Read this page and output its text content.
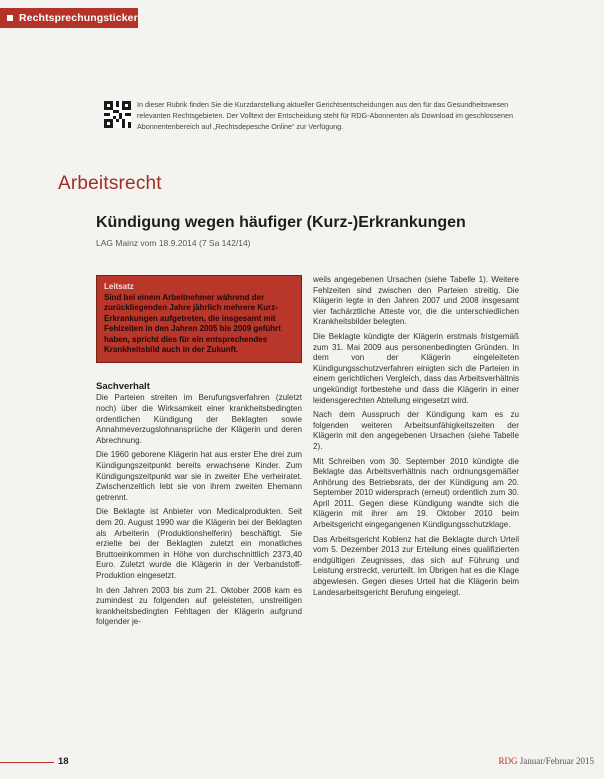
Rechtsprechungsticker
In dieser Rubrik finden Sie die Kurzdarstellung aktueller Gerichtsentscheidungen aus den für das Gesundheitswesen relevanten Rechtsgebieten. Der Volltext der Entscheidung steht für RDG-Abonnenten als Download im geschlossenen Abonnentenbereich auf „Rechtsdepesche Online“ zur Verfügung.
Arbeitsrecht
Kündigung wegen häufiger (Kurz-)Erkrankungen
LAG Mainz vom 18.9.2014 (7 Sa 142/14)
Leitsatz
Sind bei einem Arbeitnehmer während der zurückliegenden Jahre jährlich mehrere Kurz-Erkrankungen aufgetreten, die insgesamt mit Fehlzeiten in den Jahren 2005 bis 2009 geführt haben, spricht dies für ein entsprechendes Krankheitsbild auch in der Zukunft.
Sachverhalt

Die Parteien streiten im Berufungsverfahren (zuletzt noch) über die Wirksamkeit einer krankheitsbedingten ordentlichen Kündigung der Beklagten sowie Annahmeverzugslohnansprüche der Klägerin und deren Abrechnung.

Die 1960 geborene Klägerin hat aus erster Ehe drei zum Kündigungszeitpunkt bereits erwachsene Kinder. Zum Kündigungszeitpunkt war sie in zweiter Ehe verheiratet. Zwischenzeitlich lebt sie von ihrem zweiten Ehemann getrennt.

Die Beklagte ist Anbieter von Medicalprodukten. Seit dem 20. August 1990 war die Klägerin bei der Beklagten als Arbeiterin (Produktionshelferin) beschäftigt. Sie erzielte bei der Beklagten zuletzt ein monatliches Bruttoeinkommen in Höhe von durchschnittlich 2373,40 Euro. Zuletzt wurde die Klägerin in der Verbandstoff-Produktion eingesetzt.

In den Jahren 2003 bis zum 21. Oktober 2008 kam es zumindest zu folgenden auf geleisteten, unstreitigen krankheitsbedingten Fehltagen der Klägerin aufgrund folgender je-

weils angegebenen Ursachen (siehe Tabelle 1). Weitere Fehlzeiten sind zwischen den Parteien streitig. Die Klägerin legte in den Jahren 2007 und 2008 insgesamt vier fachärztliche Atteste vor, die die unterschiedlichen Krankheitsbilder belegten.

Die Beklagte kündigte der Klägerin erstmals fristgemäß zum 31. Mai 2009 aus personenbedingten Gründen. In dem von der Klägerin eingeleiteten Kündigungsschutzverfahren einigten sich die Parteien in einem gerichtlichen Vergleich, dass das Arbeitsverhältnis ungekündigt fortbestehe und dass die Klägerin in einer leidensgerechten Abteilung eingesetzt wird.

Nach dem Ausspruch der Kündigung kam es zu folgenden weiteren Arbeitsunfähigkeitszeiten der Klägerin mit den angegebenen Ursachen (siehe Tabelle 2).

Mit Schreiben vom 30. September 2010 kündigte die Beklagte das Arbeitsverhältnis nach ordnungsgemäßer Anhörung des Betriebsrats, der der Kündigung am 20. September 2010 widersprach (erneut) ordentlich zum 30. April 2011. Gegen diese Kündigung wandte sich die Klägerin mit ihrer am 19. Oktober 2010 beim Arbeitsgericht eingegangenen Kündigungsschutzklage.

Das Arbeitsgericht Koblenz hat die Beklagte durch Urteil vom 5. Dezember 2013 zur Erteilung eines qualifizierten endgültigen Zeugnisses, das sich auf Führung und Leistung erstreckt, verurteilt. Im Übrigen hat es die Klage abgewiesen. Gegen dieses Urteil hat die Klägerin beim Landesarbeitsgericht Berufung eingelegt.

18	RDG Januar/Februar 2015
